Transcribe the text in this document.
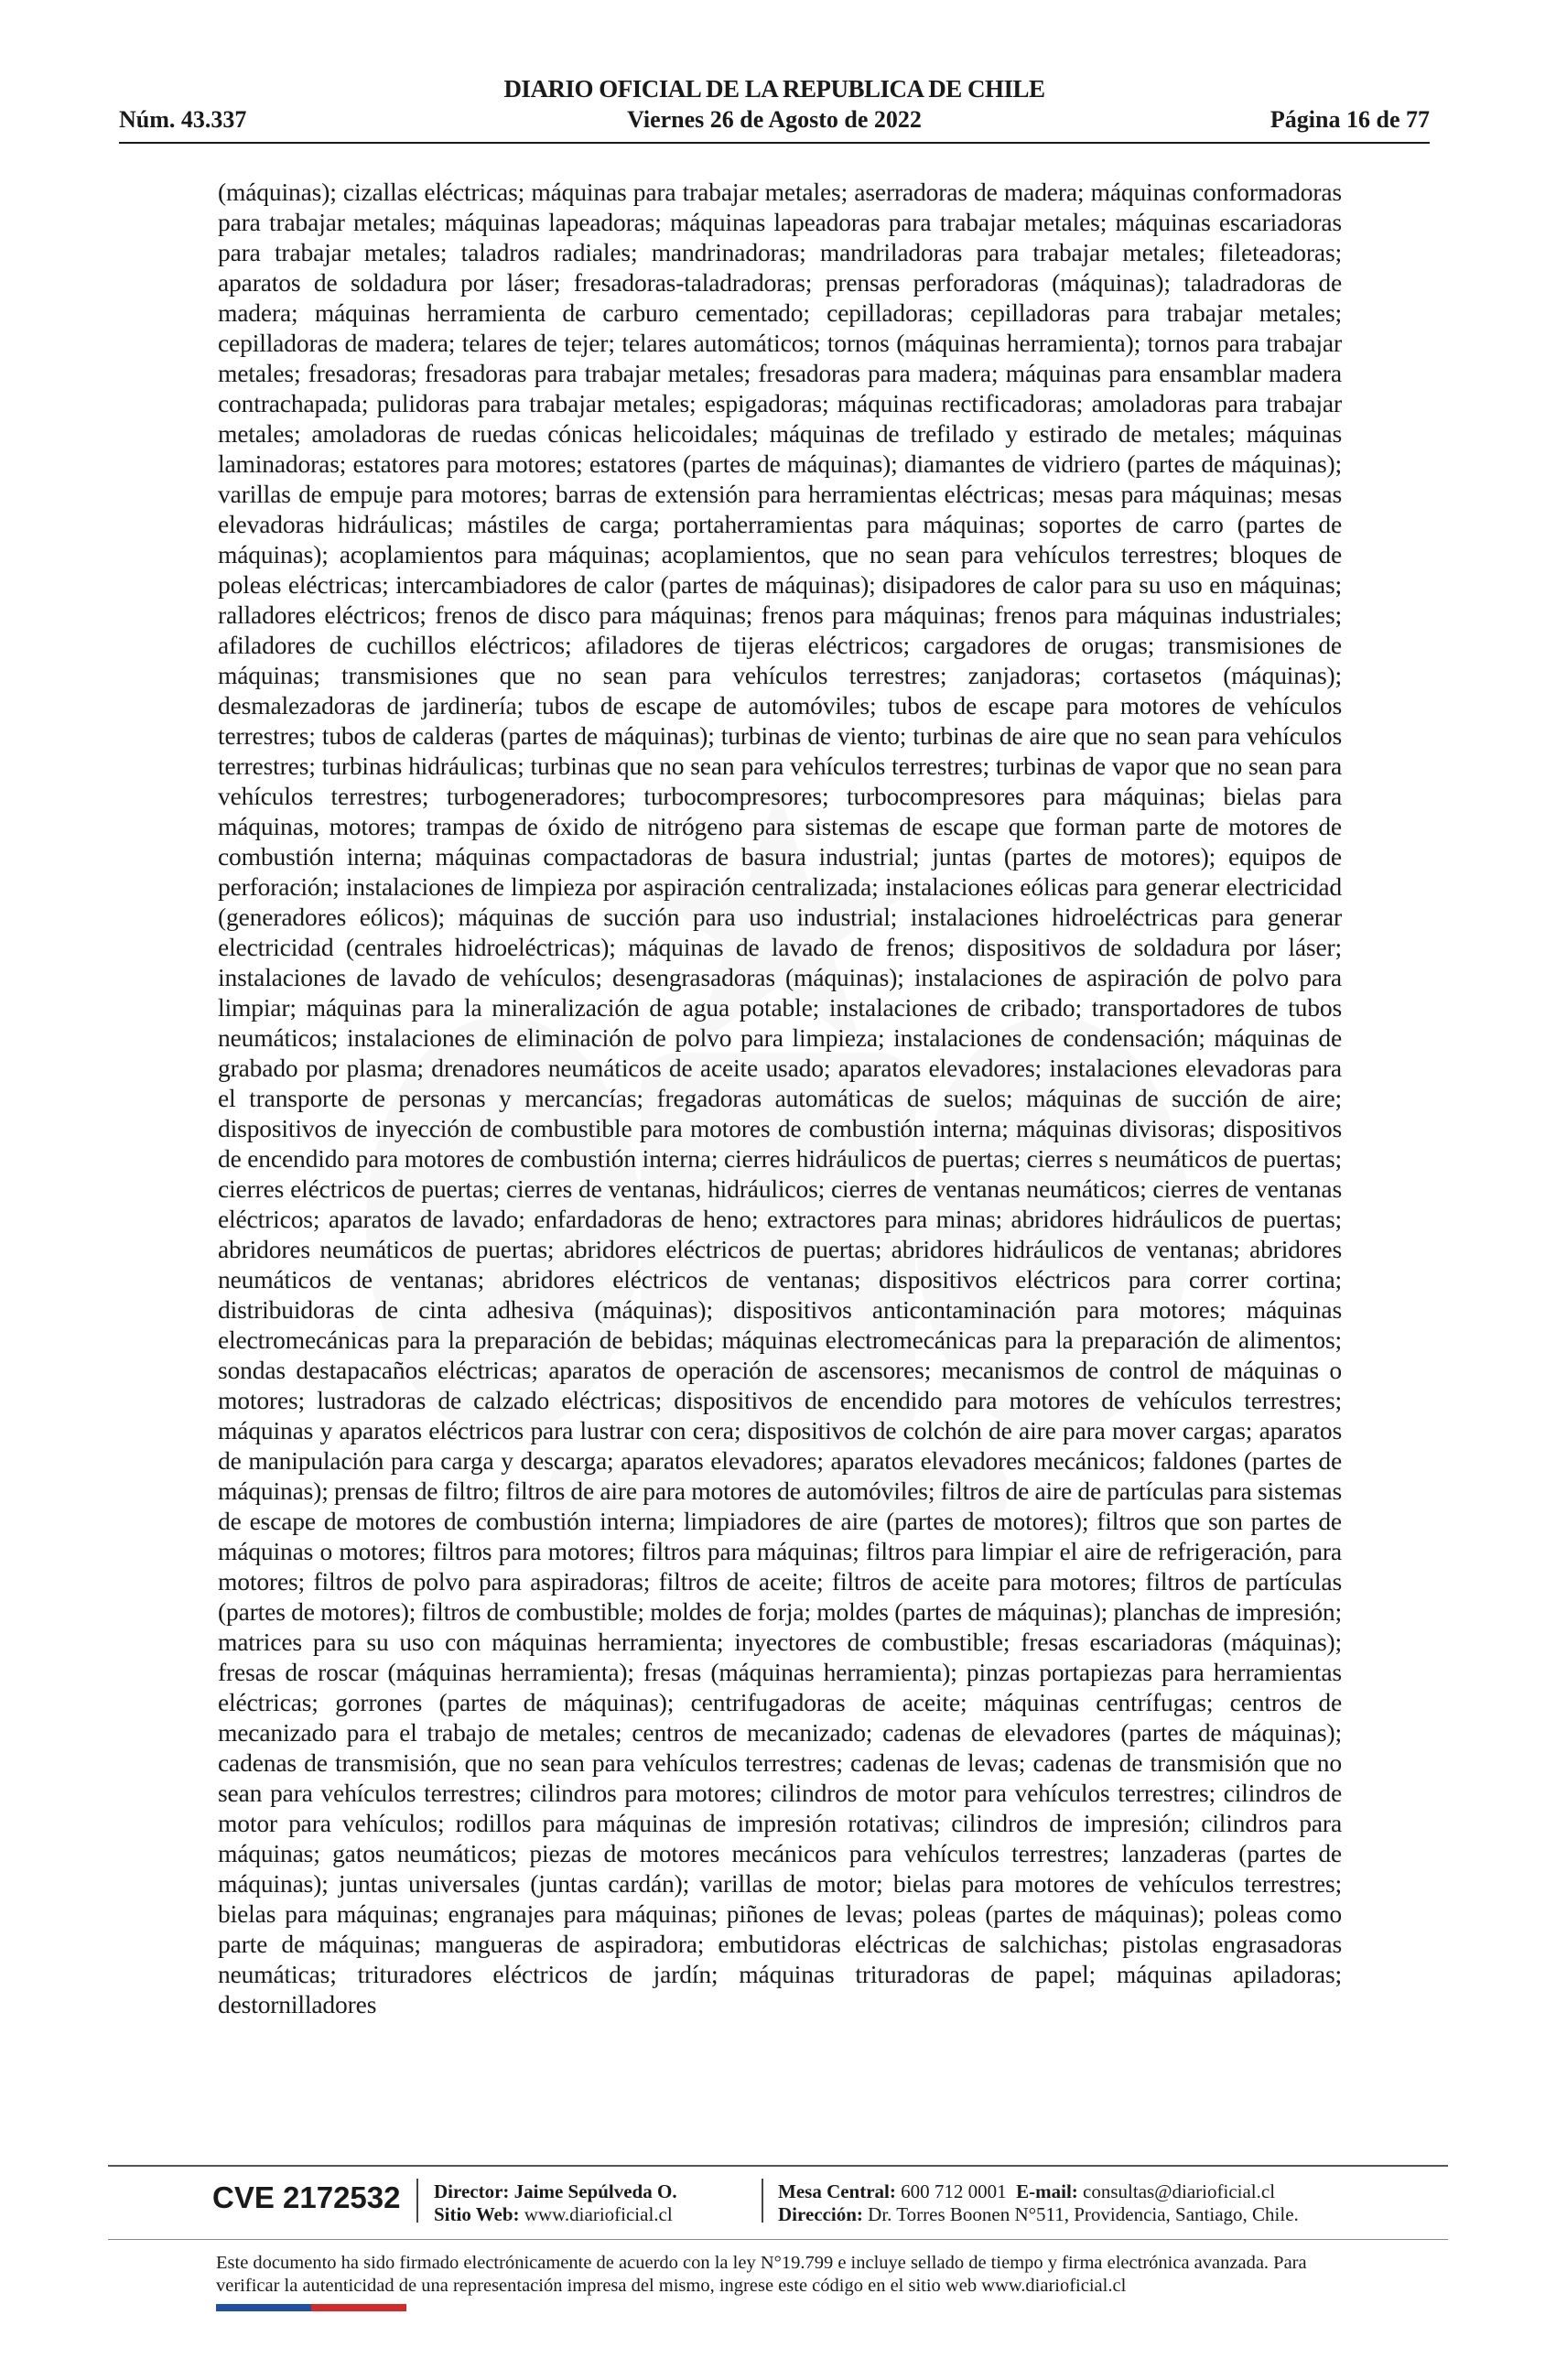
DIARIO OFICIAL DE LA REPUBLICA DE CHILE
Núm. 43.337	Viernes 26 de Agosto de 2022	Página 16 de 77
(máquinas); cizallas eléctricas; máquinas para trabajar metales; aserradoras de madera; máquinas conformadoras para trabajar metales; máquinas lapeadoras; máquinas lapeadoras para trabajar metales; máquinas escariadoras para trabajar metales; taladros radiales; mandrinadoras; mandriladoras para trabajar metales; fileteadoras; aparatos de soldadura por láser; fresadoras-taladradoras; prensas perforadoras (máquinas); taladradoras de madera; máquinas herramienta de carburo cementado; cepilladoras; cepilladoras para trabajar metales; cepilladoras de madera; telares de tejer; telares automáticos; tornos (máquinas herramienta); tornos para trabajar metales; fresadoras; fresadoras para trabajar metales; fresadoras para madera; máquinas para ensamblar madera contrachapada; pulidoras para trabajar metales; espigadoras; máquinas rectificadoras; amoladoras para trabajar metales; amoladoras de ruedas cónicas helicoidales; máquinas de trefilado y estirado de metales; máquinas laminadoras; estatores para motores; estatores (partes de máquinas); diamantes de vidriero (partes de máquinas); varillas de empuje para motores; barras de extensión para herramientas eléctricas; mesas para máquinas; mesas elevadoras hidráulicas; mástiles de carga; portaherramientas para máquinas; soportes de carro (partes de máquinas); acoplamientos para máquinas; acoplamientos, que no sean para vehículos terrestres; bloques de poleas eléctricas; intercambiadores de calor (partes de máquinas); disipadores de calor para su uso en máquinas; ralladores eléctricos; frenos de disco para máquinas; frenos para máquinas; frenos para máquinas industriales; afiladores de cuchillos eléctricos; afiladores de tijeras eléctricos; cargadores de orugas; transmisiones de máquinas; transmisiones que no sean para vehículos terrestres; zanjadoras; cortasetos (máquinas); desmalezadoras de jardinería; tubos de escape de automóviles; tubos de escape para motores de vehículos terrestres; tubos de calderas (partes de máquinas); turbinas de viento; turbinas de aire que no sean para vehículos terrestres; turbinas hidráulicas; turbinas que no sean para vehículos terrestres; turbinas de vapor que no sean para vehículos terrestres; turbogeneradores; turbocompresores; turbocompresores para máquinas; bielas para máquinas, motores; trampas de óxido de nitrógeno para sistemas de escape que forman parte de motores de combustión interna; máquinas compactadoras de basura industrial; juntas (partes de motores); equipos de perforación; instalaciones de limpieza por aspiración centralizada; instalaciones eólicas para generar electricidad (generadores eólicos); máquinas de succión para uso industrial; instalaciones hidroeléctricas para generar electricidad (centrales hidroeléctricas); máquinas de lavado de frenos; dispositivos de soldadura por láser; instalaciones de lavado de vehículos; desengrasadoras (máquinas); instalaciones de aspiración de polvo para limpiar; máquinas para la mineralización de agua potable; instalaciones de cribado; transportadores de tubos neumáticos; instalaciones de eliminación de polvo para limpieza; instalaciones de condensación; máquinas de grabado por plasma; drenadores neumáticos de aceite usado; aparatos elevadores; instalaciones elevadoras para el transporte de personas y mercancías; fregadoras automáticas de suelos; máquinas de succión de aire; dispositivos de inyección de combustible para motores de combustión interna; máquinas divisoras; dispositivos de encendido para motores de combustión interna; cierres hidráulicos de puertas; cierres s neumáticos de puertas; cierres eléctricos de puertas; cierres de ventanas, hidráulicos; cierres de ventanas neumáticos; cierres de ventanas eléctricos; aparatos de lavado; enfardadoras de heno; extractores para minas; abridores hidráulicos de puertas; abridores neumáticos de puertas; abridores eléctricos de puertas; abridores hidráulicos de ventanas; abridores neumáticos de ventanas; abridores eléctricos de ventanas; dispositivos eléctricos para correr cortina; distribuidoras de cinta adhesiva (máquinas); dispositivos anticontaminación para motores; máquinas electromecánicas para la preparación de bebidas; máquinas electromecánicas para la preparación de alimentos; sondas destapacaños eléctricas; aparatos de operación de ascensores; mecanismos de control de máquinas o motores; lustradoras de calzado eléctricas; dispositivos de encendido para motores de vehículos terrestres; máquinas y aparatos eléctricos para lustrar con cera; dispositivos de colchón de aire para mover cargas; aparatos de manipulación para carga y descarga; aparatos elevadores; aparatos elevadores mecánicos; faldones (partes de máquinas); prensas de filtro; filtros de aire para motores de automóviles; filtros de aire de partículas para sistemas de escape de motores de combustión interna; limpiadores de aire (partes de motores); filtros que son partes de máquinas o motores; filtros para motores; filtros para máquinas; filtros para limpiar el aire de refrigeración, para motores; filtros de polvo para aspiradoras; filtros de aceite; filtros de aceite para motores; filtros de partículas (partes de motores); filtros de combustible; moldes de forja; moldes (partes de máquinas); planchas de impresión; matrices para su uso con máquinas herramienta; inyectores de combustible; fresas escariadoras (máquinas); fresas de roscar (máquinas herramienta); fresas (máquinas herramienta); pinzas portapiezas para herramientas eléctricas; gorrones (partes de máquinas); centrifugadoras de aceite; máquinas centrífugas; centros de mecanizado para el trabajo de metales; centros de mecanizado; cadenas de elevadores (partes de máquinas); cadenas de transmisión, que no sean para vehículos terrestres; cadenas de levas; cadenas de transmisión que no sean para vehículos terrestres; cilindros para motores; cilindros de motor para vehículos terrestres; cilindros de motor para vehículos; rodillos para máquinas de impresión rotativas; cilindros de impresión; cilindros para máquinas; gatos neumáticos; piezas de motores mecánicos para vehículos terrestres; lanzaderas (partes de máquinas); juntas universales (juntas cardán); varillas de motor; bielas para motores de vehículos terrestres; bielas para máquinas; engranajes para máquinas; piñones de levas; poleas (partes de máquinas); poleas como parte de máquinas; mangueras de aspiradora; embutidoras eléctricas de salchichas; pistolas engrasadoras neumáticas; trituradores eléctricos de jardín; máquinas trituradoras de papel; máquinas apiladoras; destornilladores
CVE 2172532 Director: Jaime Sepúlveda O.
Sitio Web: www.diarioficial.cl
Mesa Central: 600 712 0001 E-mail: consultas@diarioficial.cl
Dirección: Dr. Torres Boonen N°511, Providencia, Santiago, Chile.
Este documento ha sido firmado electrónicamente de acuerdo con la ley N°19.799 e incluye sellado de tiempo y firma electrónica avanzada. Para verificar la autenticidad de una representación impresa del mismo, ingrese este código en el sitio web www.diarioficial.cl
